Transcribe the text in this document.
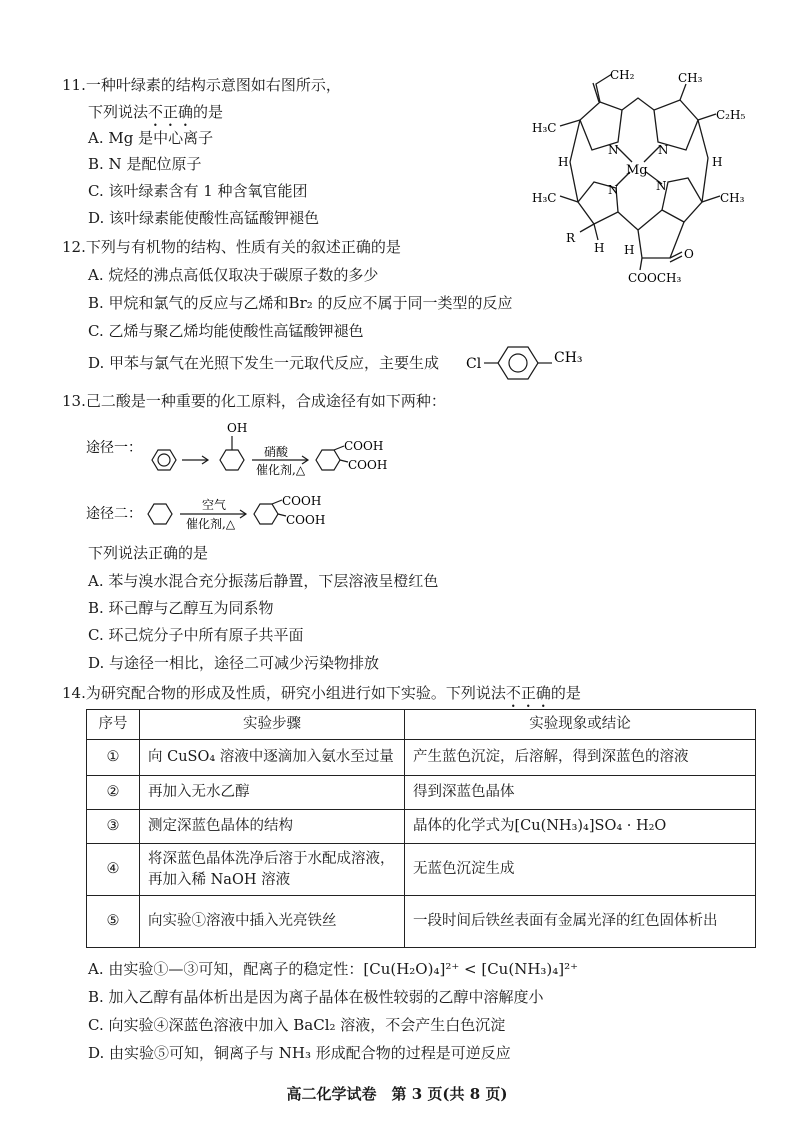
11.一种叶绿素的结构示意图如右图所示，
下列说法不正确的是
A. Mg 是中心离子
B. N 是配位原子
C. 该叶绿素含有 1 种含氧官能团
D. 该叶绿素能使酸性高锰酸钾褪色
CH₂	CH₃
H₃C
C₂H₅
N	N
N	N
Mg
H	H
CH₃
H₃C
R
H H	O
COOCH₃
12.下列与有机物的结构、性质有关的叙述正确的是
A. 烷烃的沸点高低仅取决于碳原子数的多少
B. 甲烷和氯气的反应与乙烯和Br₂ 的反应不属于同一类型的反应
C. 乙烯与聚乙烯均能使酸性高锰酸钾褪色
D. 甲苯与氯气在光照下发生一元取代反应，主要生成 Cl	CH₃
13.己二酸是一种重要的化工原料，合成途径有如下两种：
途径一：
OH
硝酸
催化剂,△
COOH
COOH
途径二：
空气
催化剂,△
COOH
COOH
下列说法正确的是
A. 苯与溴水混合充分振荡后静置，下层溶液呈橙红色
B. 环己醇与乙醇互为同系物
C. 环己烷分子中所有原子共平面
D. 与途径一相比，途径二可减少污染物排放
14.为研究配合物的形成及性质，研究小组进行如下实验。下列说法不正确的是
序号	实验步骤	实验现象或结论
①	向 CuSO₄ 溶液中逐滴加入氨水至过量	产生蓝色沉淀，后溶解，得到深蓝色的溶液
②	再加入无水乙醇	得到深蓝色晶体
③	测定深蓝色晶体的结构	晶体的化学式为[Cu(NH₃)₄]SO₄ · H₂O
④	将深蓝色晶体洗净后溶于水配成溶液，再加入稀 NaOH 溶液	无蓝色沉淀生成
⑤	向实验①溶液中插入光亮铁丝	一段时间后铁丝表面有金属光泽的红色固体析出
A. 由实验①—③可知，配离子的稳定性：[Cu(H₂O)₄]²⁺ < [Cu(NH₃)₄]²⁺
B. 加入乙醇有晶体析出是因为离子晶体在极性较弱的乙醇中溶解度小
C. 向实验④深蓝色溶液中加入 BaCl₂ 溶液，不会产生白色沉淀
D. 由实验⑤可知，铜离子与 NH₃ 形成配合物的过程是可逆反应
高二化学试卷　第 3 页(共 8 页)
